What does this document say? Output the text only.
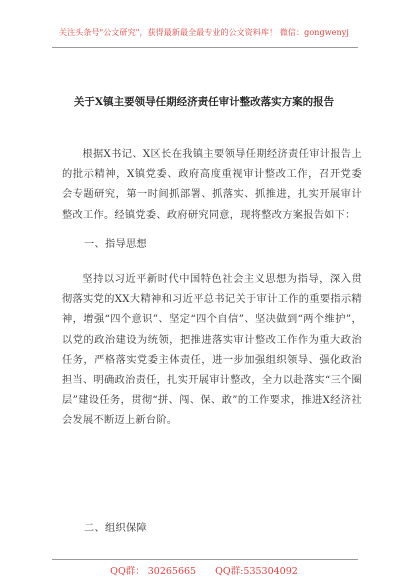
关注头条号"公文研究"，获得最新最全最专业的公文资料库！ 微信：gongwenyj
关于X镇主要领导任期经济责任审计整改落实方案的报告

根据X书记、X区长在我镇主要领导任期经济责任审计报告上的批示精神，X镇党委、政府高度重视审计整改工作，召开党委会专题研究，第一时间抓部署、抓落实、抓推进，扎实开展审计整改工作。经镇党委、政府研究同意，现将整改方案报告如下：

一、指导思想

坚持以习近平新时代中国特色社会主义思想为指导，深入贯彻落实党的XX大精神和习近平总书记关于审计工作的重要指示精神，增强“四个意识”、坚定“四个自信”、坚决做到“两个维护”，以党的政治建设为统领，把推进落实审计整改工作作为重大政治任务，严格落实党委主体责任，进一步加强组织领导、强化政治担当、明确政治责任，扎实开展审计整改，全力以赴落实“三个圈层”建设任务，贯彻“拼、闯、保、敢”的工作要求，推进X经济社会发展不断迈上新台阶。

二、组织保障
QQ群： 30265665 QQ群:535304092
